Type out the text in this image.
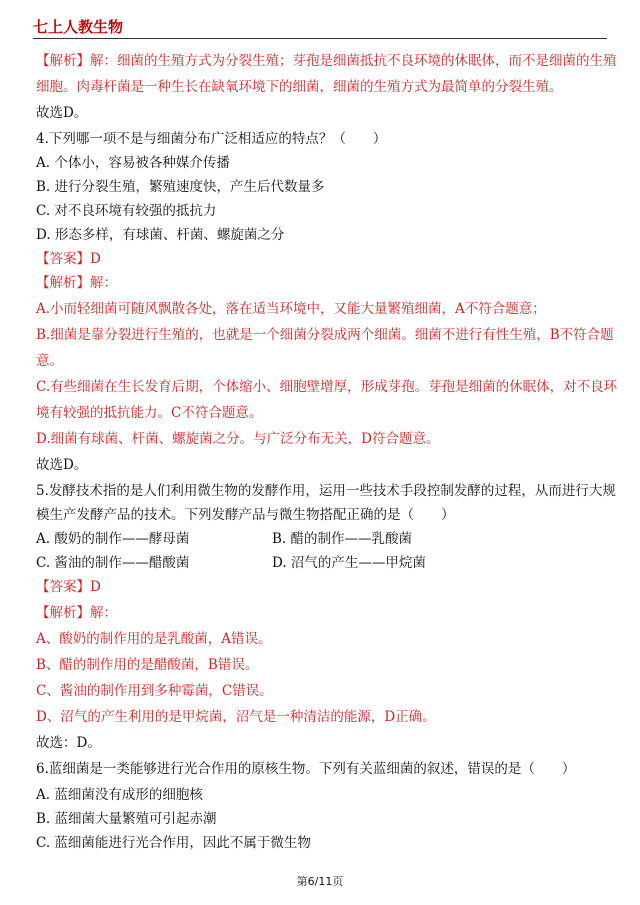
七上人教生物
【解析】解：细菌的生殖方式为分裂生殖；芽孢是细菌抵抗不良环境的休眠体，而不是细菌的生殖
细胞。肉毒杆菌是一种生长在缺氧环境下的细菌，细菌的生殖方式为最简单的分裂生殖。
故选D。
4.下列哪一项不是与细菌分布广泛相适应的特点？（　　）
A. 个体小，容易被各种媒介传播
B. 进行分裂生殖，繁殖速度快，产生后代数量多
C. 对不良环境有较强的抵抗力
D. 形态多样，有球菌、杆菌、螺旋菌之分
【答案】D
【解析】解：
A.小而轻细菌可随风飘散各处，落在适当环境中，又能大量繁殖细菌，A不符合题意；
B.细菌是靠分裂进行生殖的，也就是一个细菌分裂成两个细菌。细菌不进行有性生殖，B不符合题
意。
C.有些细菌在生长发育后期，个体缩小、细胞壁增厚，形成芽孢。芽孢是细菌的休眠体，对不良环
境有较强的抵抗能力。C不符合题意。
D.细菌有球菌、杆菌、螺旋菌之分。与广泛分布无关，D符合题意。
故选D。
5.发酵技术指的是人们利用微生物的发酵作用，运用一些技术手段控制发酵的过程，从而进行大规
模生产发酵产品的技术。下列发酵产品与微生物搭配正确的是（　　）
A. 酸奶的制作——酵母菌	B. 醋的制作——乳酸菌
C. 酱油的制作——醋酸菌	D. 沼气的产生——甲烷菌
【答案】D
【解析】解：
A、酸奶的制作用的是乳酸菌，A错误。
B、醋的制作用的是醋酸菌，B错误。
C、酱油的制作用到多种霉菌，C错误。
D、沼气的产生利用的是甲烷菌，沼气是一种清洁的能源，D正确。
故选：D。
6.蓝细菌是一类能够进行光合作用的原核生物。下列有关蓝细菌的叙述，错误的是（　　）
A. 蓝细菌没有成形的细胞核
B. 蓝细菌大量繁殖可引起赤潮
C. 蓝细菌能进行光合作用，因此不属于微生物
第6/11页
